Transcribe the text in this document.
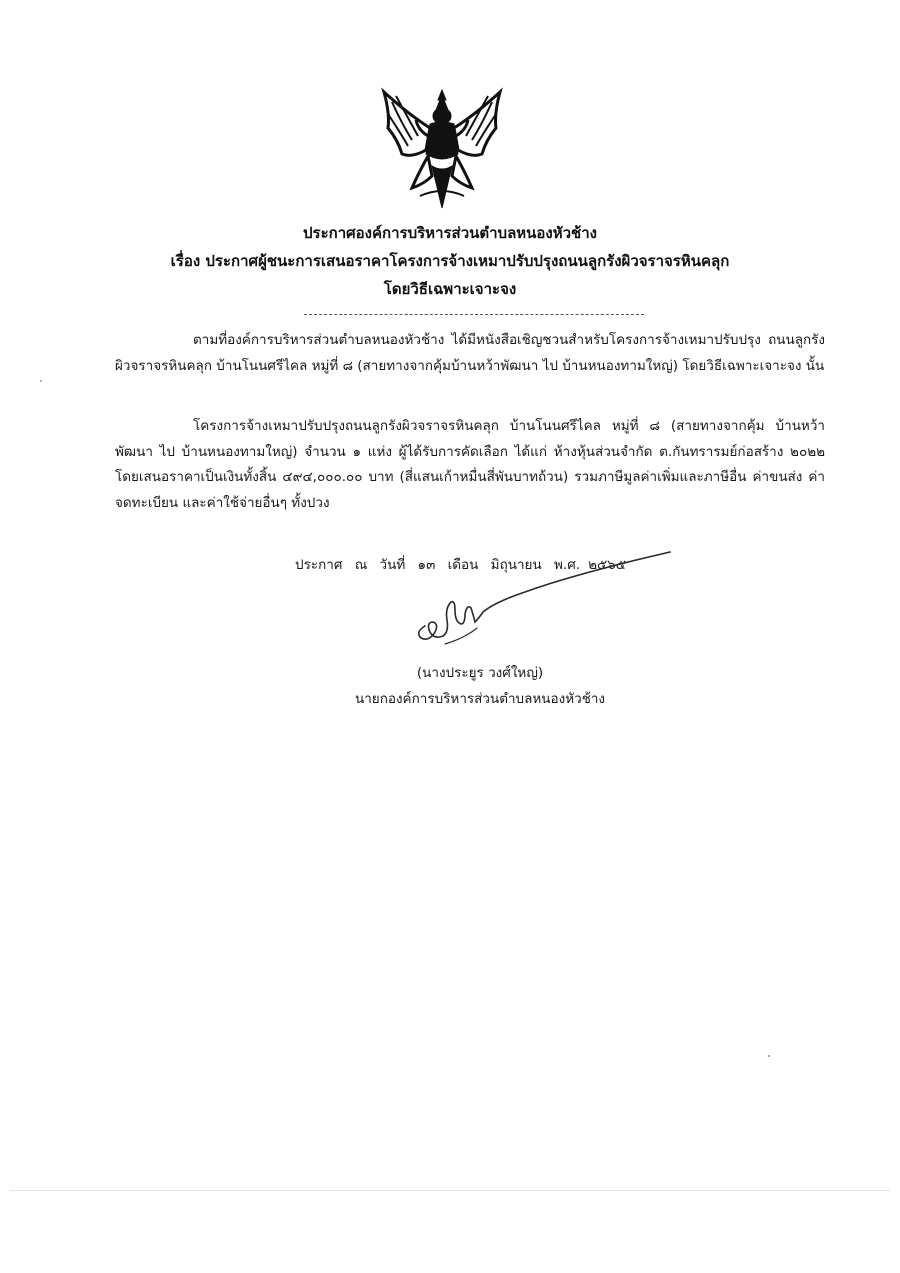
ประกาศองค์การบริหารส่วนตำบลหนองหัวช้าง
เรื่อง ประกาศผู้ชนะการเสนอราคาโครงการจ้างเหมาปรับปรุงถนนลูกรังผิวจราจรหินคลุก
โดยวิธีเฉพาะเจาะจง
ตามที่องค์การบริหารส่วนตำบลหนองหัวช้าง ได้มีหนังสือเชิญชวนสำหรับโครงการจ้างเหมาปรับปรุง ถนนลูกรังผิวจราจรหินคลุก บ้านโนนศรีไคล หมู่ที่ ๘ (สายทางจากคุ้มบ้านหว้าพัฒนา ไป บ้านหนองทามใหญ่) โดยวิธีเฉพาะเจาะจง นั้น
โครงการจ้างเหมาปรับปรุงถนนลูกรังผิวจราจรหินคลุก บ้านโนนศรีไคล หมู่ที่ ๘ (สายทางจากคุ้ม บ้านหว้าพัฒนา ไป บ้านหนองทามใหญ่) จำนวน ๑ แห่ง ผู้ได้รับการคัดเลือก ได้แก่ ห้างหุ้นส่วนจำกัด ต.กันทรารมย์ก่อสร้าง ๒๐๒๒ โดยเสนอราคาเป็นเงินทั้งสิ้น ๔๙๔,๐๐๐.๐๐ บาท (สี่แสนเก้าหมื่นสี่พันบาทถ้วน) รวมภาษีมูลค่าเพิ่มและภาษีอื่น ค่าขนส่ง ค่าจดทะเบียน และค่าใช้จ่ายอื่นๆ ทั้งปวง
ประกาศ ณ วันที่ ๑๓ เดือน มิถุนายน พ.ศ. ๒๕๖๕
(นางประยูร วงศ์ใหญ่)
นายกองค์การบริหารส่วนตำบลหนองหัวช้าง
